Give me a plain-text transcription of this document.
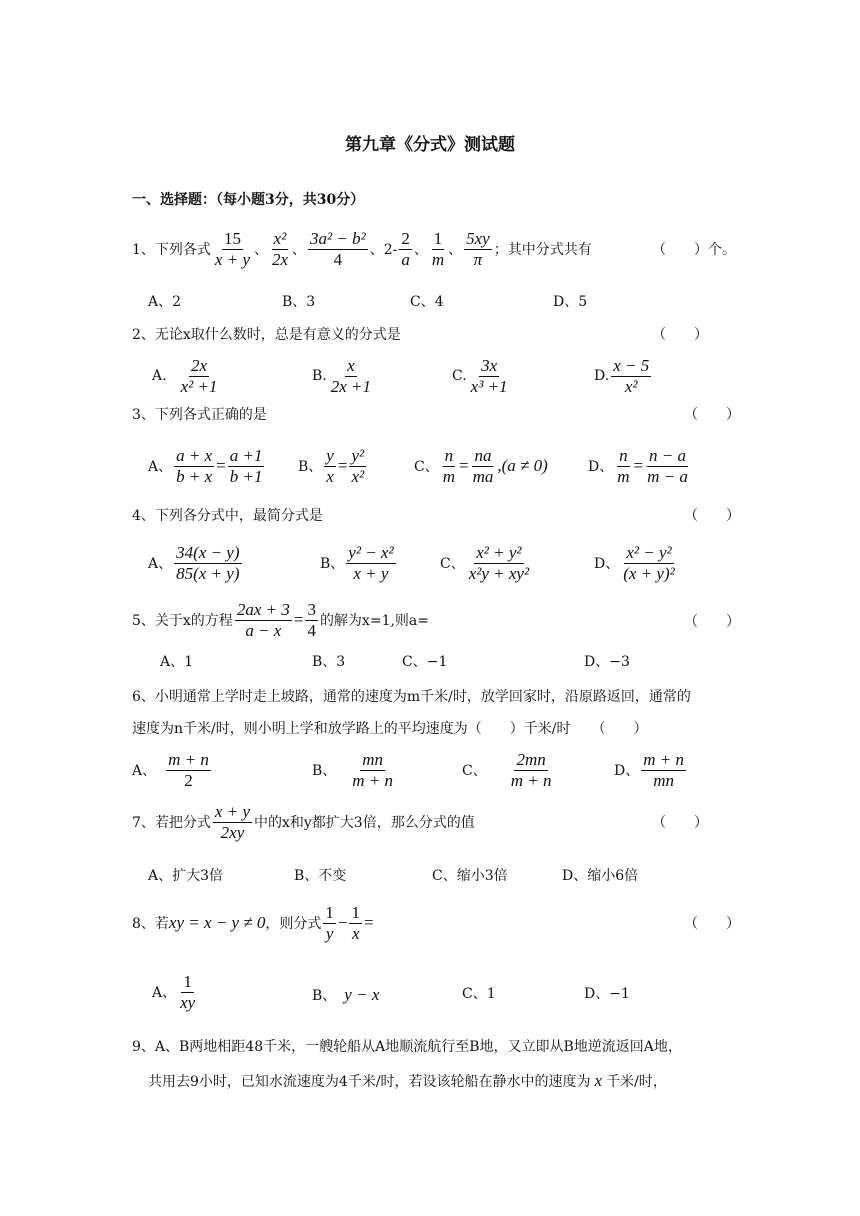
第九章《分式》测试题
一、选择题：（每小题3分，共30分）
1、下列各式 $\frac{15}{x + y}$ 、 $\frac{\text{x²}}{2x}$ 、 $\frac{\text{3a² − b²}}{4}$ 、$2- \frac{2}{a}$ 、 $\frac{1}{m}$ 、 $\frac{5xy}{\pi}$ ；其中分式共有	（　　）个。
A、2	B、3	C、4	D、5
2、无论x取什么数时，总是有意义的分式是	（　　）
A. $\frac{2x}{\text{x² +1}}$	B. $\frac{x}{2x +1}$	C. $\frac{3x}{\text{x³ +1}}$	D. $\frac{x - 5}{\text{x²}}$
3、下列各式正确的是	（　　）
A、 $\frac{a + x}{b + x} = \frac{a +1}{b +1}$ B、 $\frac{y}{x} = \frac{\text{y²}}{\text{x²}}$	C、 $\frac{n}{m} = \frac{na}{ma} ,(a \ne 0)$	D、 $\frac{n}{m} = \frac{n - a}{m - a}$
4、下列各分式中，最简分式是	（　　）
A、 $\frac{34(x - y)}{85(x + y)}$	B、 $\frac{\text{y² − x²}}{x + y}$	C、 $\frac{\text{x² + y²}}{\text{x²y + xy²}}$	D、 $\frac{\text{x² − y²}}{\text{(x + y)²}}$
5、关于x的方程 $\frac{2ax + 3}{a - x} = \frac{3}{4}$ 的解为x=1,则a=	（　　）
A、1	B、3	C、−1	D、−3
6、小明通常上学时走上坡路，通常的速度为m千米/时，放学回家时，沿原路返回，通常的
速度为n千米/时，则小明上学和放学路上的平均速度为（　　）千米/时　　（　　）
A、 $\frac{m + n}{2}$	B、 $\frac{mn}{m + n}$	C、 $\frac{2mn}{m + n}$	D、 $\frac{m + n}{mn}$
7、若把分式 $\frac{x + y}{2xy}$ 中的x和y都扩大3倍，那么分式的值	（　　）
A、扩大3倍	B、不变	C、缩小3倍	D、缩小6倍
8、若 xy = x − y ≠ 0 ，则分式 $\frac{1}{y} - \frac{1}{x}$ =	（　　）
A、 $\frac{1}{xy}$	B、 y − x	C、1	D、−1
9、A、B两地相距48千米，一艘轮船从A地顺流航行至B地，又立即从B地逆流返回A地，
共用去9小时，已知水流速度为4千米/时，若设该轮船在静水中的速度为 x 千米/时，
